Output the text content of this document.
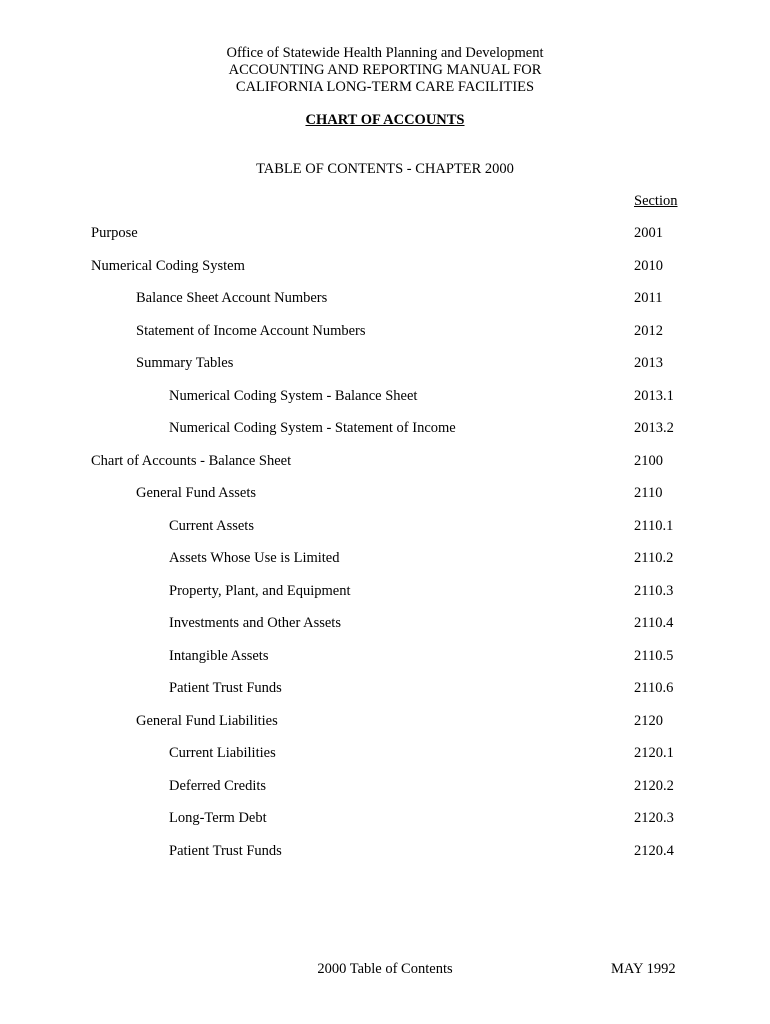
Office of Statewide Health Planning and Development
ACCOUNTING AND REPORTING MANUAL FOR
CALIFORNIA LONG-TERM CARE FACILITIES
CHART OF ACCOUNTS
TABLE OF CONTENTS - CHAPTER 2000
Section
Purpose	2001
Numerical Coding System	2010
Balance Sheet Account Numbers	2011
Statement of Income Account Numbers	2012
Summary Tables	2013
Numerical Coding System - Balance Sheet	2013.1
Numerical Coding System - Statement of Income	2013.2
Chart of Accounts - Balance Sheet	2100
General Fund Assets	2110
Current Assets	2110.1
Assets Whose Use is Limited	2110.2
Property, Plant, and Equipment	2110.3
Investments and Other Assets	2110.4
Intangible Assets	2110.5
Patient Trust Funds	2110.6
General Fund Liabilities	2120
Current Liabilities	2120.1
Deferred Credits	2120.2
Long-Term Debt	2120.3
Patient Trust Funds	2120.4
2000 Table of Contents	MAY 1992
